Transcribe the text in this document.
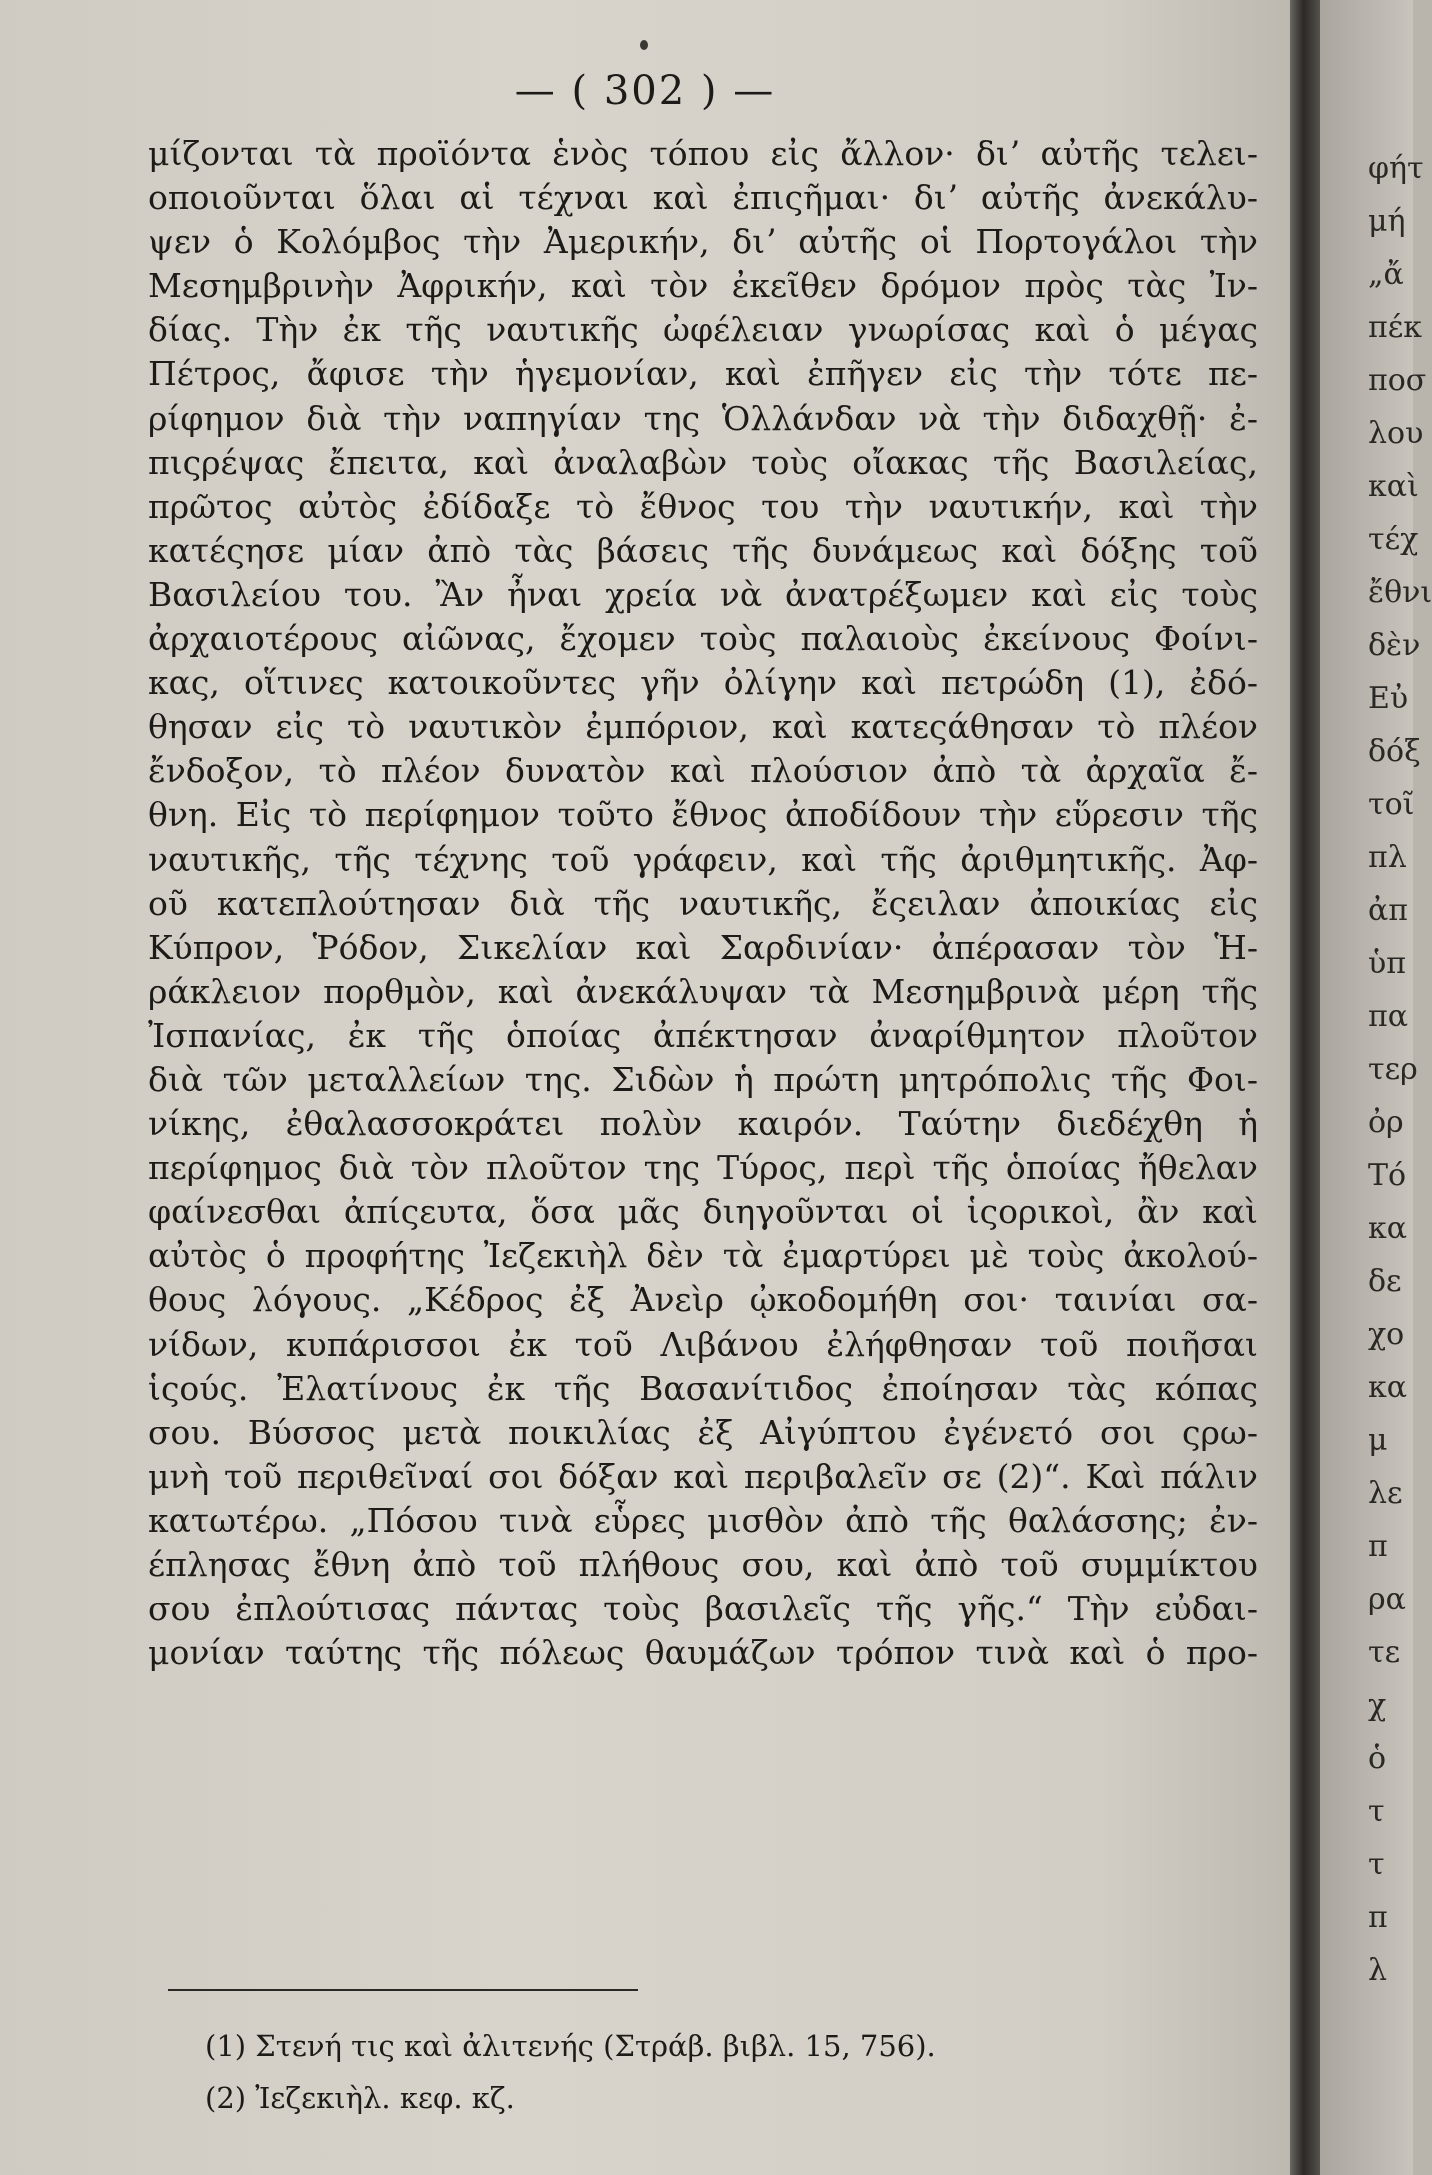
— ( 302 ) —
μίζονται τὰ προϊόντα ἑνὸς τόπου εἰς ἄλλον· διʼ αὐτῆς τελει-
οποιοῦνται ὅλαι αἱ τέχναι καὶ ἐπιςῆμαι· διʼ αὐτῆς ἀνεκάλυ-
ψεν ὁ Κολόμβος τὴν Ἀμερικήν, διʼ αὐτῆς οἱ Πορτογάλοι τὴν
Μεσημβρινὴν Ἀφρικήν, καὶ τὸν ἐκεῖθεν δρόμον πρὸς τὰς Ἰν-
δίας. Τὴν ἐκ τῆς ναυτικῆς ὠφέλειαν γνωρίσας καὶ ὁ μέγας
Πέτρος, ἄφισε τὴν ἡγεμονίαν, καὶ ἐπῆγεν εἰς τὴν τότε πε-
ρίφημον διὰ τὴν ναπηγίαν της Ὁλλάνδαν νὰ τὴν διδαχθῇ· ἐ-
πιςρέψας ἔπειτα, καὶ ἀναλαβὼν τοὺς οἴακας τῆς Βασιλείας,
πρῶτος αὐτὸς ἐδίδαξε τὸ ἔθνος του τὴν ναυτικήν, καὶ τὴν
κατέςησε μίαν ἀπὸ τὰς βάσεις τῆς δυνάμεως καὶ δόξης τοῦ
Βασιλείου του. Ἂν ἦναι χρεία νὰ ἀνατρέξωμεν καὶ εἰς τοὺς
ἀρχαιοτέρους αἰῶνας, ἔχομεν τοὺς παλαιοὺς ἐκείνους Φοίνι-
κας, οἵτινες κατοικοῦντες γῆν ὀλίγην καὶ πετρώδη (1), ἐδό-
θησαν εἰς τὸ ναυτικὸν ἐμπόριον, καὶ κατεςάθησαν τὸ πλέον
ἔνδοξον, τὸ πλέον δυνατὸν καὶ πλούσιον ἀπὸ τὰ ἀρχαῖα ἔ-
θνη. Εἰς τὸ περίφημον τοῦτο ἔθνος ἀποδίδουν τὴν εὕρεσιν τῆς
ναυτικῆς, τῆς τέχνης τοῦ γράφειν, καὶ τῆς ἀριθμητικῆς. Ἀφ-
οῦ κατεπλούτησαν διὰ τῆς ναυτικῆς, ἔςειλαν ἀποικίας εἰς
Κύπρον, Ῥόδον, Σικελίαν καὶ Σαρδινίαν· ἀπέρασαν τὸν Ἡ-
ράκλειον πορθμὸν, καὶ ἀνεκάλυψαν τὰ Μεσημβρινὰ μέρη τῆς
Ἰσπανίας, ἐκ τῆς ὁποίας ἀπέκτησαν ἀναρίθμητον πλοῦτον
διὰ τῶν μεταλλείων της. Σιδὼν ἡ πρώτη μητρόπολις τῆς Φοι-
νίκης, ἐθαλασσοκράτει πολὺν καιρόν. Ταύτην διεδέχθη ἡ
περίφημος διὰ τὸν πλοῦτον της Τύρος, περὶ τῆς ὁποίας ἤθελαν
φαίνεσθαι ἀπίςευτα, ὅσα μᾶς διηγοῦνται οἱ ἱςορικοὶ, ἂν καὶ
αὐτὸς ὁ προφήτης Ἰεζεκιὴλ δὲν τὰ ἐμαρτύρει μὲ τοὺς ἀκολού-
θους λόγους. „Κέδρος ἐξ Ἀνεὶρ ᾠκοδομήθη σοι· ταινίαι σα-
νίδων, κυπάρισσοι ἐκ τοῦ Λιβάνου ἐλήφθησαν τοῦ ποιῆσαι
ἱςούς. Ἐλατίνους ἐκ τῆς Βασανίτιδος ἐποίησαν τὰς κόπας
σου. Βύσσος μετὰ ποικιλίας ἐξ Αἰγύπτου ἐγένετό σοι ςρω-
μνὴ τοῦ περιθεῖναί σοι δόξαν καὶ περιβαλεῖν σε (2)“. Καὶ πάλιν
κατωτέρω. „Πόσου τινὰ εὗρες μισθὸν ἀπὸ τῆς θαλάσσης; ἐν-
έπλησας ἔθνη ἀπὸ τοῦ πλήθους σου, καὶ ἀπὸ τοῦ συμμίκτου
σου ἐπλούτισας πάντας τοὺς βασιλεῖς τῆς γῆς.“ Τὴν εὐδαι-
μονίαν ταύτης τῆς πόλεως θαυμάζων τρόπον τινὰ καὶ ὁ προ-
(1) Στενή τις καὶ ἀλιτενής (Στράβ. βιβλ. 15, 756).
(2) Ἰεζεκιὴλ. κεφ. κζ.
φήτ
μή
„ἄ
πέκ
ποσ
λου
καὶ
τέχ
ἔθνι
δὲν
Εὐ
δόξ
τοῖ
πλ
ἀπ
ὑπ
πα
τερ
ὀρ
Τό
κα
δε
χο
κα
μ
λε
π
ρα
τε
χ
ὁ
τ
τ
π
λ
